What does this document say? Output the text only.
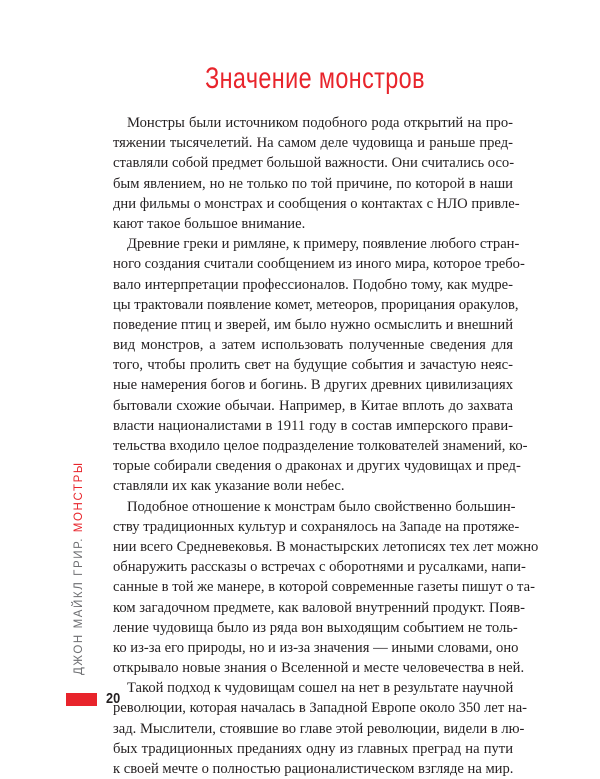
Значение монстров
Монстры были источником подобного рода открытий на про-
тяжении тысячелетий. На самом деле чудовища и раньше пред-
ставляли собой предмет большой важности. Они считались осо-
бым явлением, но не только по той причине, по которой в наши
дни фильмы о монстрах и сообщения о контактах с НЛО привле-
кают такое большое внимание.
Древние греки и римляне, к примеру, появление любого стран-
ного создания считали сообщением из иного мира, которое требо-
вало интерпретации профессионалов. Подобно тому, как мудре-
цы трактовали появление комет, метеоров, прорицания оракулов,
поведение птиц и зверей, им было нужно осмыслить и внешний
вид монстров, а затем использовать полученные сведения для
того, чтобы пролить свет на будущие события и зачастую неяс-
ные намерения богов и богинь. В других древних цивилизациях
бытовали схожие обычаи. Например, в Китае вплоть до захвата
власти националистами в 1911 году в состав имперского прави-
тельства входило целое подразделение толкователей знамений, ко-
торые собирали сведения о драконах и других чудовищах и пред-
ставляли их как указание воли небес.
Подобное отношение к монстрам было свойственно большин-
ству традиционных культур и сохранялось на Западе на протяже-
нии всего Средневековья. В монастырских летописях тех лет можно
обнаружить рассказы о встречах с оборотнями и русалками, напи-
санные в той же манере, в которой современные газеты пишут о та-
ком загадочном предмете, как валовой внутренний продукт. Появ-
ление чудовища было из ряда вон выходящим событием не толь-
ко из-за его природы, но и из-за значения — иными словами, оно
открывало новые знания о Вселенной и месте человечества в ней.
Такой подход к чудовищам сошел на нет в результате научной
революции, которая началась в Западной Европе около 350 лет на-
зад. Мыслители, стоявшие во главе этой революции, видели в лю-
бых традиционных преданиях одну из главных преград на пути
к своей мечте о полностью рационалистическом взгляде на мир.
ДЖОН МАЙКЛ ГРИР. МОНСТРЫ
20
